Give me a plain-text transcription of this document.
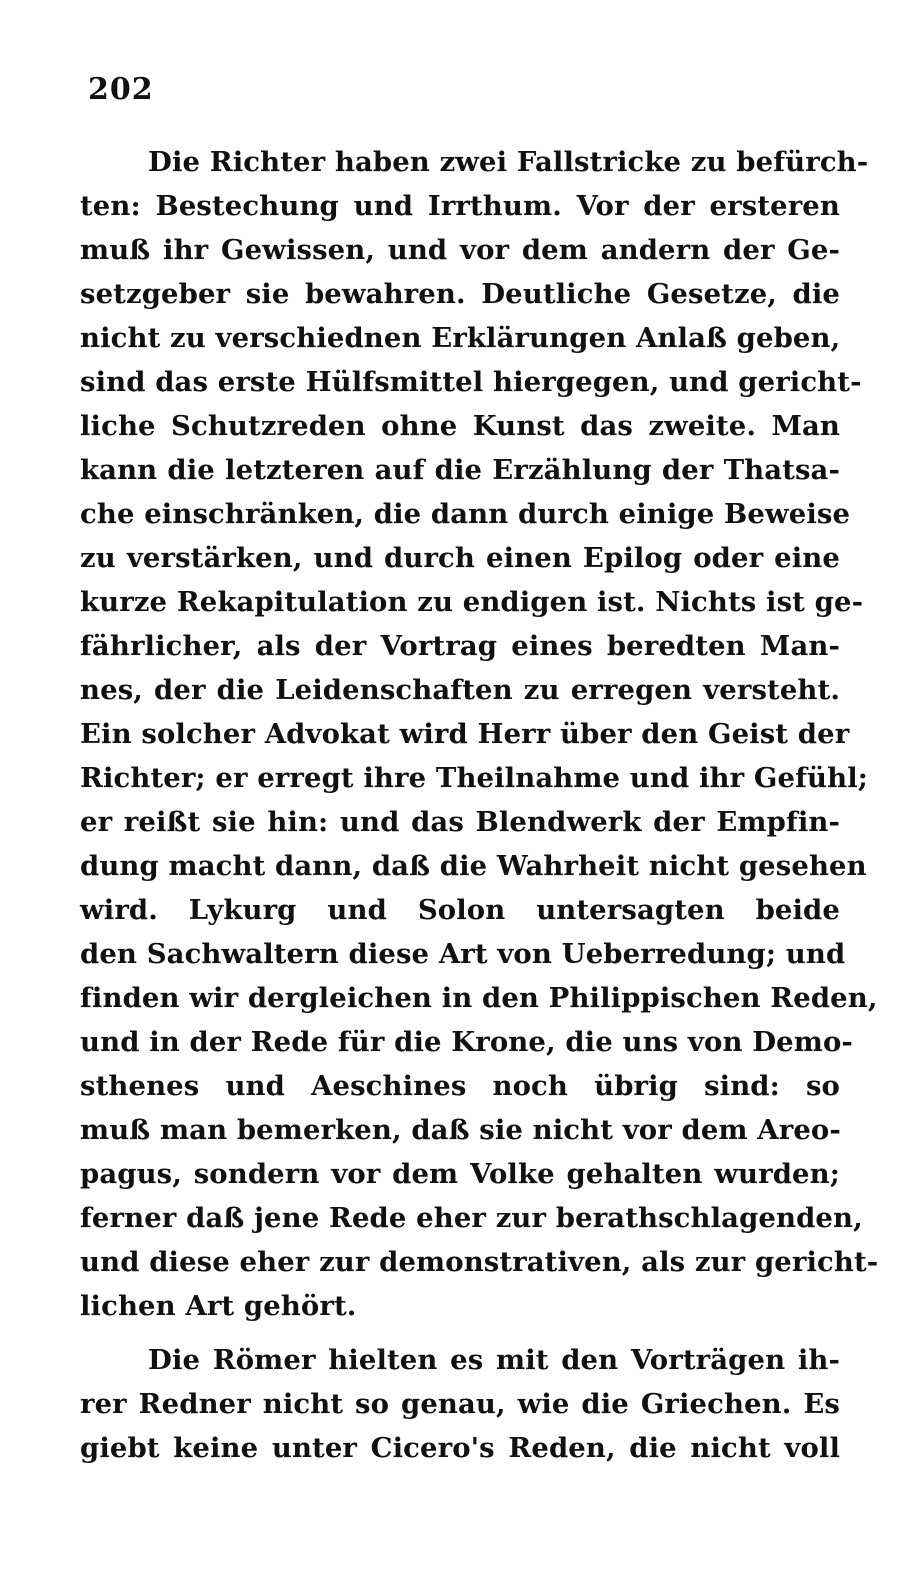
202
Die Richter haben zwei Fallstricke zu befürch-
ten: Bestechung und Irrthum. Vor der ersteren
muß ihr Gewissen, und vor dem andern der Ge-
setzgeber sie bewahren. Deutliche Gesetze, die
nicht zu verschiednen Erklärungen Anlaß geben,
sind das erste Hülfsmittel hiergegen, und gericht-
liche Schutzreden ohne Kunst das zweite. Man
kann die letzteren auf die Erzählung der Thatsa-
che einschränken, die dann durch einige Beweise
zu verstärken, und durch einen Epilog oder eine
kurze Rekapitulation zu endigen ist. Nichts ist ge-
fährlicher, als der Vortrag eines beredten Man-
nes, der die Leidenschaften zu erregen versteht.
Ein solcher Advokat wird Herr über den Geist der
Richter; er erregt ihre Theilnahme und ihr Gefühl;
er reißt sie hin: und das Blendwerk der Empfin-
dung macht dann, daß die Wahrheit nicht gesehen
wird. Lykurg und Solon untersagten beide
den Sachwaltern diese Art von Ueberredung; und
finden wir dergleichen in den Philippischen Reden,
und in der Rede für die Krone, die uns von Demo-
sthenes und Aeschines noch übrig sind: so
muß man bemerken, daß sie nicht vor dem Areo-
pagus, sondern vor dem Volke gehalten wurden;
ferner daß jene Rede eher zur berathschlagenden,
und diese eher zur demonstrativen, als zur gericht-
lichen Art gehört.
Die Römer hielten es mit den Vorträgen ih-
rer Redner nicht so genau, wie die Griechen. Es
giebt keine unter Cicero's Reden, die nicht voll
